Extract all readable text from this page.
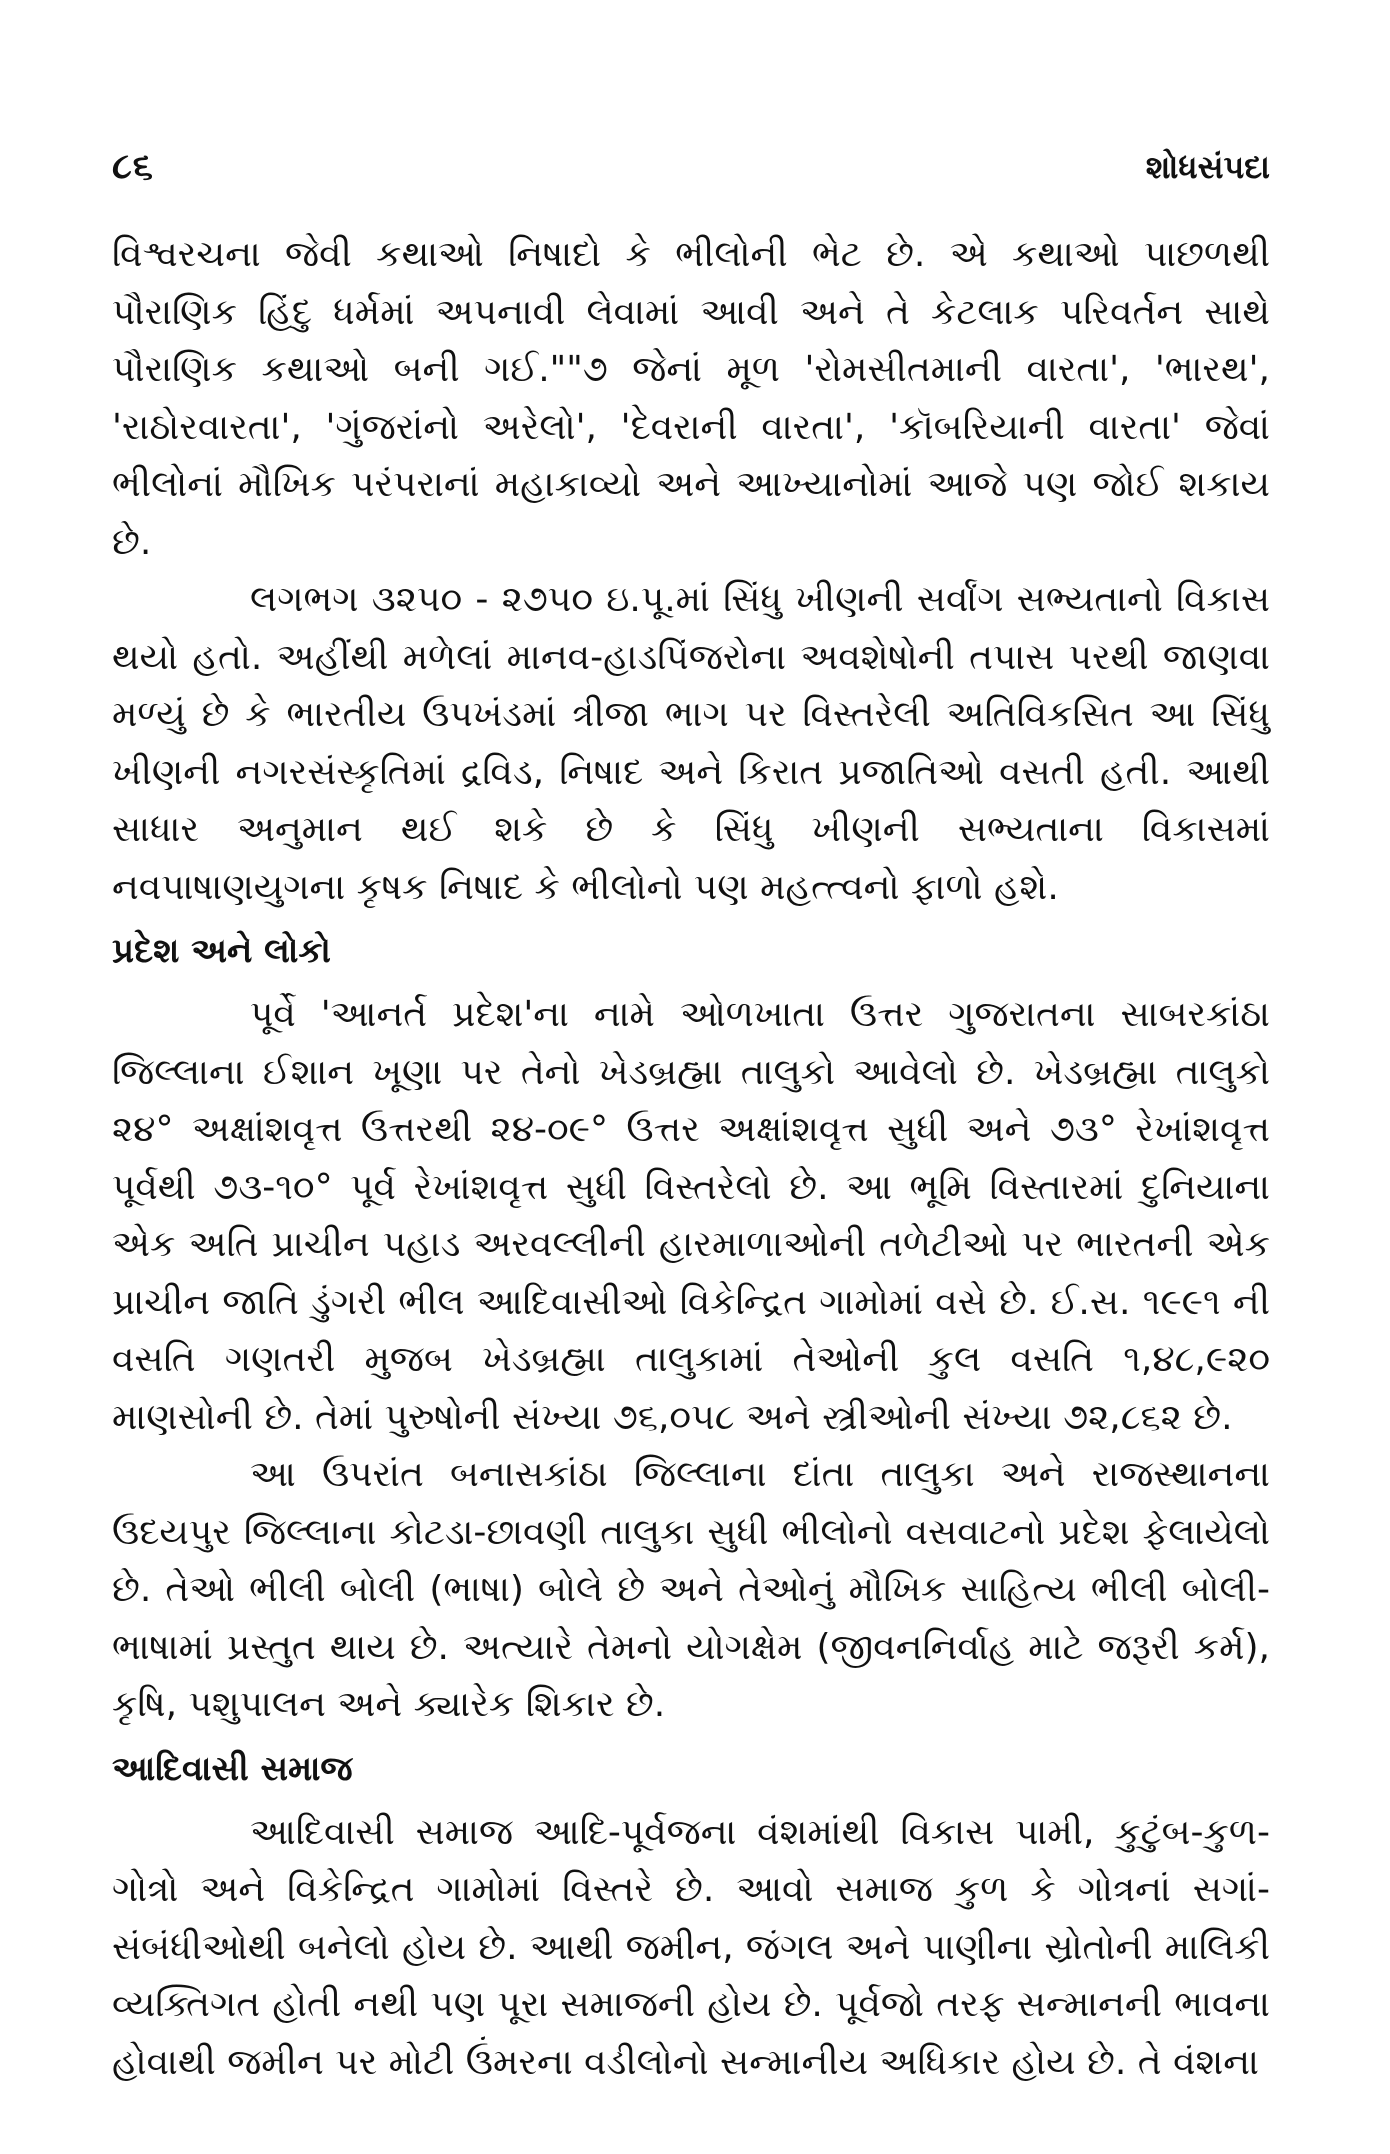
૮૬	શોધસંપદા

વિશ્વરચના જેવી કથાઓ નિષાદો કે ભીલોની ભેટ છે. એ કથાઓ પાછળથી પૌરાણિક હિંદુ ધર્મમાં અપનાવી લેવામાં આવી અને તે કેટલાક પરિવર્તન સાથે પૌરાણિક કથાઓ બની ગઈ.""૭ જેનાં મૂળ 'રોમસીતમાની વારતા', 'ભારથ', 'રાઠોરવારતા', 'ગુંજરાંનો અરેલો', 'દેવરાની વારતા', 'કૉબરિયાની વારતા' જેવાં ભીલોનાં મૌખિક પરંપરાનાં મહાકાવ્યો અને આખ્યાનોમાં આજે પણ જોઈ શકાય છે.

લગભગ ૩૨૫૦ - ૨૭૫૦ ઇ.પૂ.માં સિંધુ ખીણની સર્વાંગ સભ્યતાનો વિકાસ થયો હતો. અહીંથી મળેલાં માનવ-હાડપિંજરોના અવશેષોની તપાસ પરથી જાણવા મળ્યું છે કે ભારતીય ઉપખંડમાં ત્રીજા ભાગ પર વિસ્તરેલી અતિવિકસિત આ સિંધુ ખીણની નગરસંસ્કૃતિમાં દ્રવિડ, નિષાદ અને કિરાત પ્રજાતિઓ વસતી હતી. આથી સાધાર અનુમાન થઈ શકે છે કે સિંધુ ખીણની સભ્યતાના વિકાસમાં નવપાષાણયુગના કૃષક નિષાદ કે ભીલોનો પણ મહત્ત્વનો ફાળો હશે.

પ્રદેશ અને લોકો

પૂર્વે 'આનર્ત પ્રદેશ'ના નામે ઓળખાતા ઉત્તર ગુજરાતના સાબરકાંઠા જિલ્લાના ઈશાન ખૂણા પર તેનો ખેડબ્રહ્મા તાલુકો આવેલો છે. ખેડબ્રહ્મા તાલુકો ૨૪° અક્ષાંશવૃત્ત ઉત્તરથી ૨૪-૦૯° ઉત્તર અક્ષાંશવૃત્ત સુધી અને ૭૩° રેખાંશવૃત્ત પૂર્વથી ૭૩-૧૦° પૂર્વ રેખાંશવૃત્ત સુધી વિસ્તરેલો છે. આ ભૂમિ વિસ્તારમાં દુનિયાના એક અતિ પ્રાચીન પહાડ અરવલ્લીની હારમાળાઓની તળેટીઓ પર ભારતની એક પ્રાચીન જાતિ ડુંગરી ભીલ આદિવાસીઓ વિકેન્દ્રિત ગામોમાં વસે છે. ઈ.સ. ૧૯૯૧ ની વસતિ ગણતરી મુજબ ખેડબ્રહ્મા તાલુકામાં તેઓની કુલ વસતિ ૧,૪૮,૯૨૦ માણસોની છે. તેમાં પુરુષોની સંખ્યા ૭૬,૦૫૮ અને સ્ત્રીઓની સંખ્યા ૭૨,૮૬૨ છે.

આ ઉપરાંત બનાસકાંઠા જિલ્લાના દાંતા તાલુકા અને રાજસ્થાનના ઉદયપુર જિલ્લાના કોટડા-છાવણી તાલુકા સુધી ભીલોનો વસવાટનો પ્રદેશ ફેલાયેલો છે. તેઓ ભીલી બોલી (ભાષા) બોલે છે અને તેઓનું મૌખિક સાહિત્ય ભીલી બોલી-ભાષામાં પ્રસ્તુત થાય છે. અત્યારે તેમનો યોગક્ષેમ (જીવનનિર્વાહ માટે જરૂરી કર્મ), કૃષિ, પશુપાલન અને ક્યારેક શિકાર છે.

આદિવાસી સમાજ

આદિવાસી સમાજ આદિ-પૂર્વજના વંશમાંથી વિકાસ પામી, કુટુંબ-કુળ-ગોત્રો અને વિકેન્દ્રિત ગામોમાં વિસ્તરે છે. આવો સમાજ કુળ કે ગોત્રનાં સગાં-સંબંધીઓથી બનેલો હોય છે. આથી જમીન, જંગલ અને પાણીના સ્રોતોની માલિકી વ્યક્તિગત હોતી નથી પણ પૂરા સમાજની હોય છે. પૂર્વજો તરફ સન્માનની ભાવના હોવાથી જમીન પર મોટી ઉંમરના વડીલોનો સન્માનીય અધિકાર હોય છે. તે વંશના
